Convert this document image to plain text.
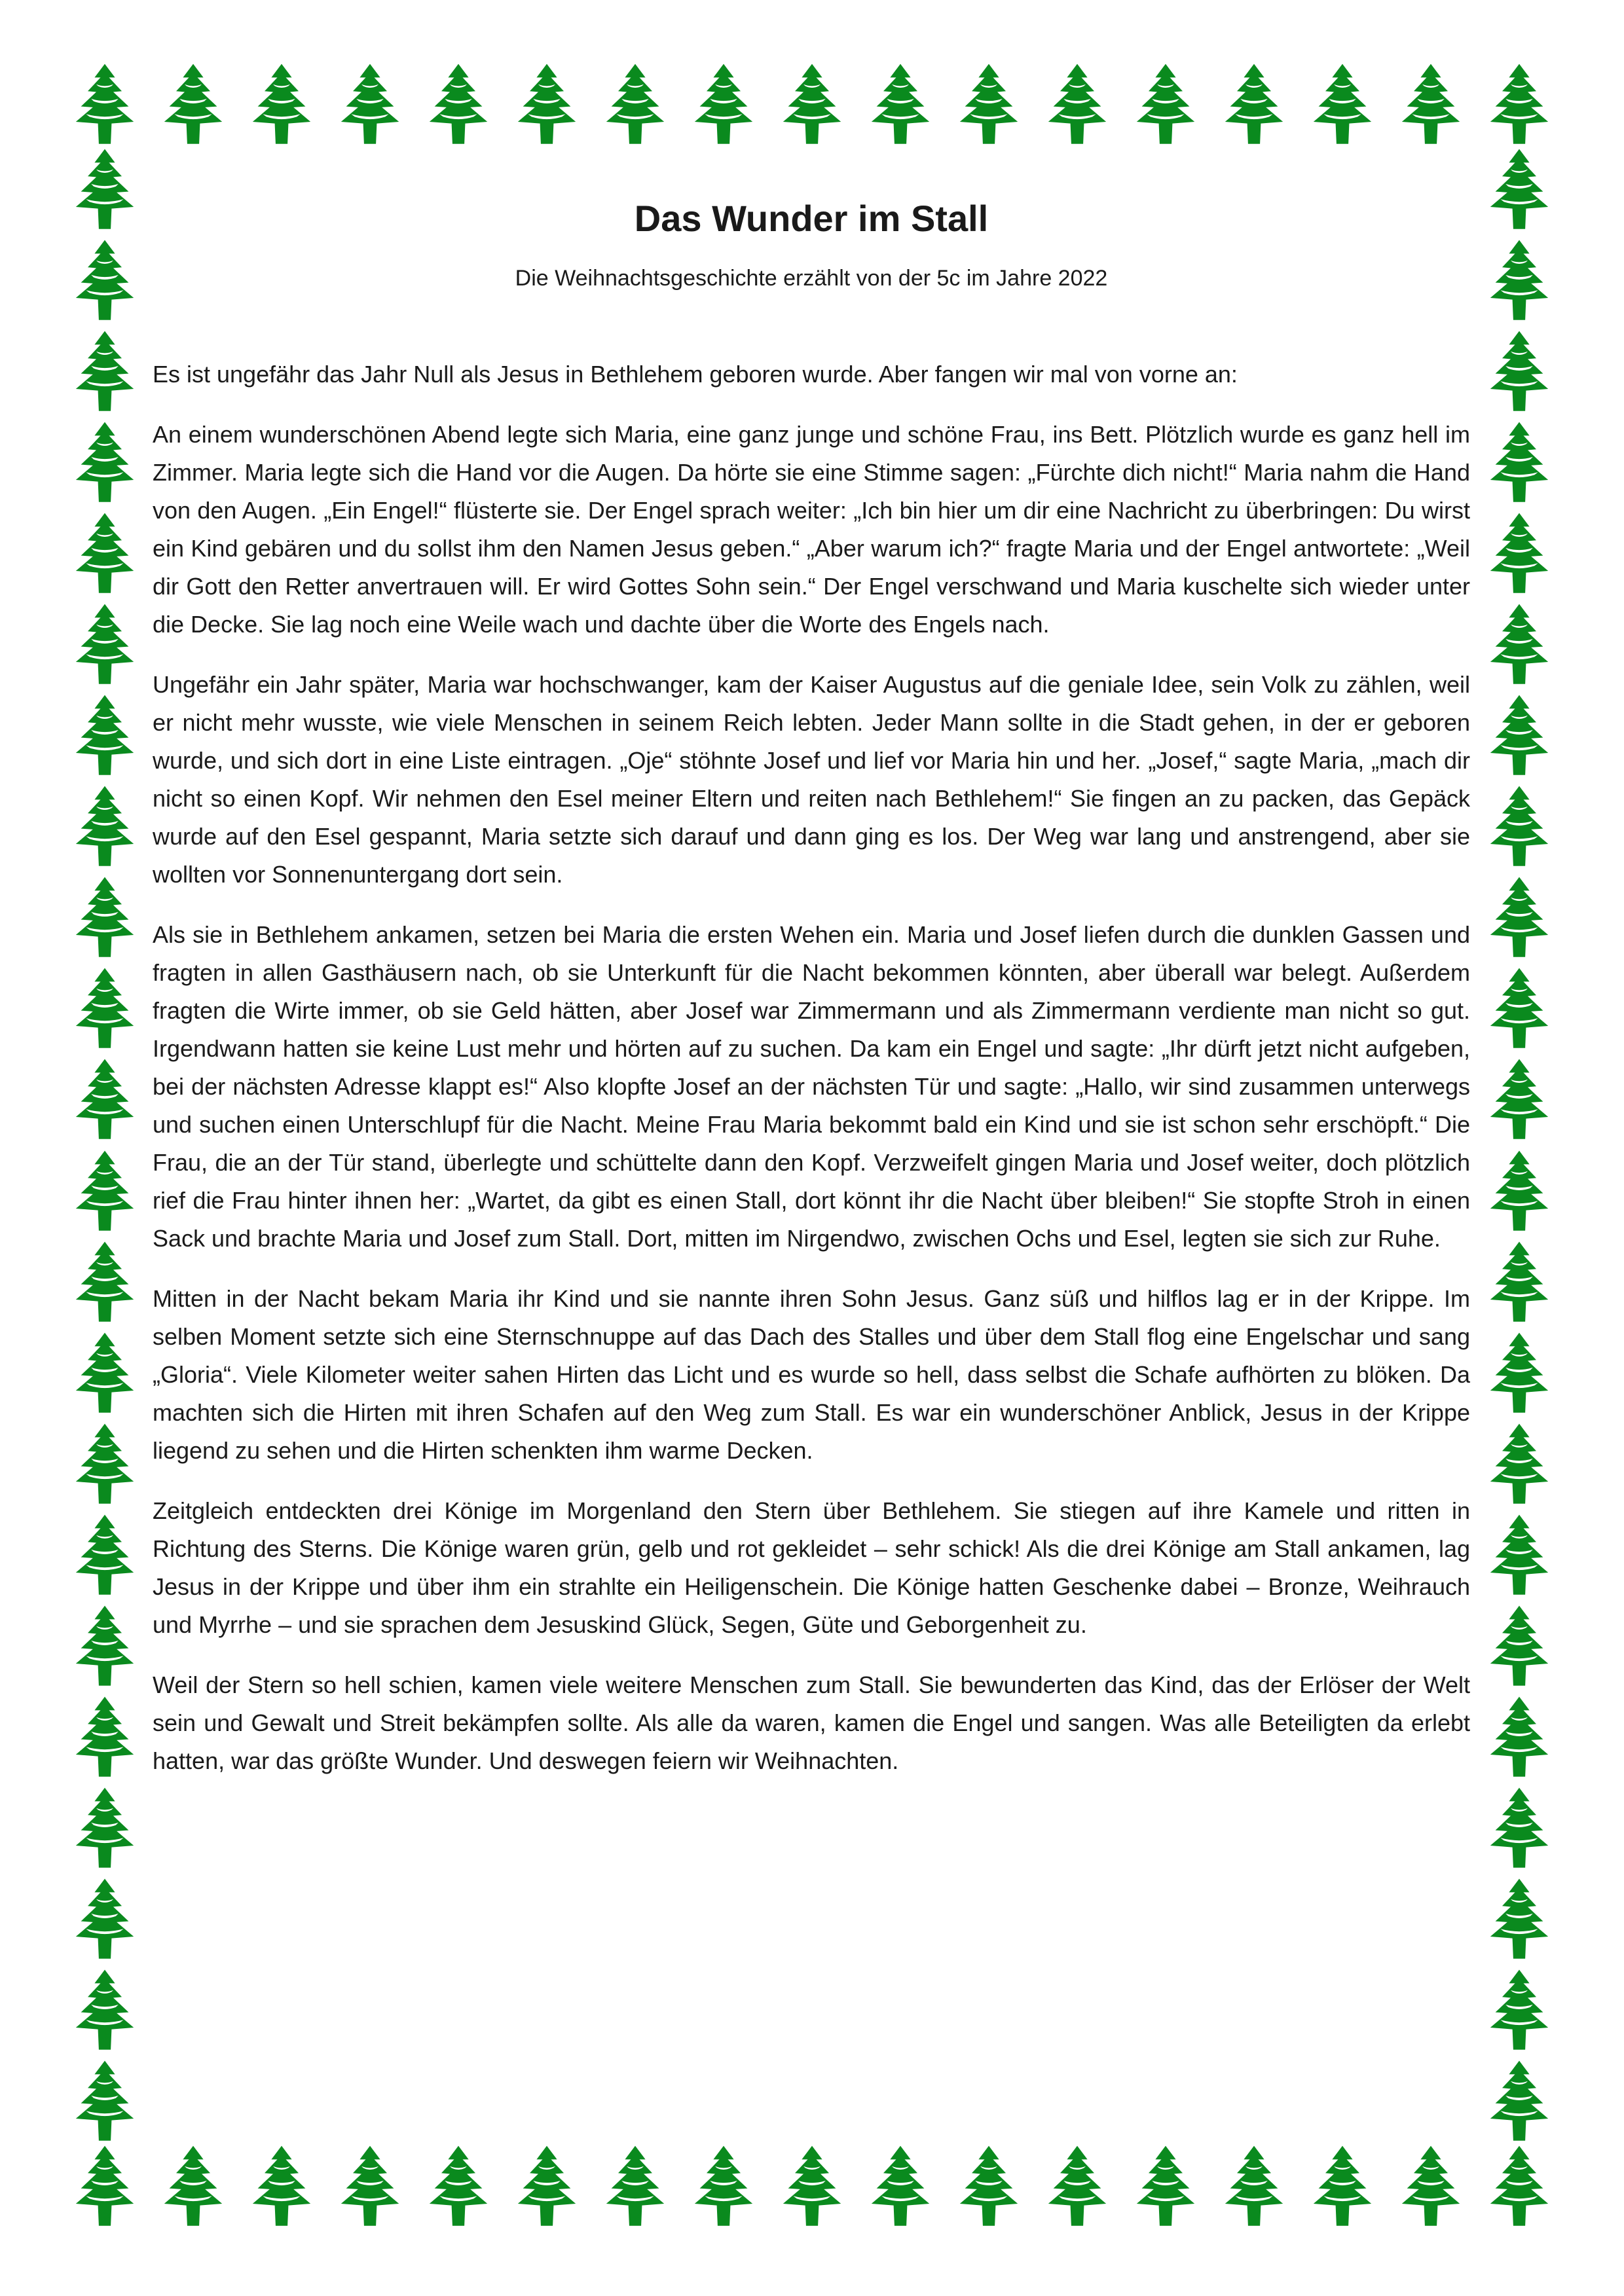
Das Wunder im Stall

Die Weihnachtsgeschichte erzählt von der 5c im Jahre 2022

Es ist ungefähr das Jahr Null als Jesus in Bethlehem geboren wurde. Aber fangen wir mal von vorne an:

An einem wunderschönen Abend legte sich Maria, eine ganz junge und schöne Frau, ins Bett. Plötzlich wurde es ganz hell im Zimmer. Maria legte sich die Hand vor die Augen. Da hörte sie eine Stimme sagen: „Fürchte dich nicht!“ Maria nahm die Hand von den Augen. „Ein Engel!“ flüsterte sie. Der Engel sprach weiter: „Ich bin hier um dir eine Nachricht zu überbringen: Du wirst ein Kind gebären und du sollst ihm den Namen Jesus geben.“ „Aber warum ich?“ fragte Maria und der Engel antwortete: „Weil dir Gott den Retter anvertrauen will. Er wird Gottes Sohn sein.“ Der Engel verschwand und Maria kuschelte sich wieder unter die Decke. Sie lag noch eine Weile wach und dachte über die Worte des Engels nach.

Ungefähr ein Jahr später, Maria war hochschwanger, kam der Kaiser Augustus auf die geniale Idee, sein Volk zu zählen, weil er nicht mehr wusste, wie viele Menschen in seinem Reich lebten. Jeder Mann sollte in die Stadt gehen, in der er geboren wurde, und sich dort in eine Liste eintragen. „Oje“ stöhnte Josef und lief vor Maria hin und her. „Josef,“ sagte Maria, „mach dir nicht so einen Kopf. Wir nehmen den Esel meiner Eltern und reiten nach Bethlehem!“ Sie fingen an zu packen, das Gepäck wurde auf den Esel gespannt, Maria setzte sich darauf und dann ging es los. Der Weg war lang und anstrengend, aber sie wollten vor Sonnenuntergang dort sein.

Als sie in Bethlehem ankamen, setzen bei Maria die ersten Wehen ein. Maria und Josef liefen durch die dunklen Gassen und fragten in allen Gasthäusern nach, ob sie Unterkunft für die Nacht bekommen könnten, aber überall war belegt. Außerdem fragten die Wirte immer, ob sie Geld hätten, aber Josef war Zimmermann und als Zimmermann verdiente man nicht so gut. Irgendwann hatten sie keine Lust mehr und hörten auf zu suchen. Da kam ein Engel und sagte: „Ihr dürft jetzt nicht aufgeben, bei der nächsten Adresse klappt es!“ Also klopfte Josef an der nächsten Tür und sagte: „Hallo, wir sind zusammen unterwegs und suchen einen Unterschlupf für die Nacht. Meine Frau Maria bekommt bald ein Kind und sie ist schon sehr erschöpft.“ Die Frau, die an der Tür stand, überlegte und schüttelte dann den Kopf. Verzweifelt gingen Maria und Josef weiter, doch plötzlich rief die Frau hinter ihnen her: „Wartet, da gibt es einen Stall, dort könnt ihr die Nacht über bleiben!“ Sie stopfte Stroh in einen Sack und brachte Maria und Josef zum Stall. Dort, mitten im Nirgendwo, zwischen Ochs und Esel, legten sie sich zur Ruhe.

Mitten in der Nacht bekam Maria ihr Kind und sie nannte ihren Sohn Jesus. Ganz süß und hilflos lag er in der Krippe. Im selben Moment setzte sich eine Sternschnuppe auf das Dach des Stalles und über dem Stall flog eine Engelschar und sang „Gloria“. Viele Kilometer weiter sahen Hirten das Licht und es wurde so hell, dass selbst die Schafe aufhörten zu blöken. Da machten sich die Hirten mit ihren Schafen auf den Weg zum Stall. Es war ein wunderschöner Anblick, Jesus in der Krippe liegend zu sehen und die Hirten schenkten ihm warme Decken.

Zeitgleich entdeckten drei Könige im Morgenland den Stern über Bethlehem. Sie stiegen auf ihre Kamele und ritten in Richtung des Sterns. Die Könige waren grün, gelb und rot gekleidet – sehr schick! Als die drei Könige am Stall ankamen, lag Jesus in der Krippe und über ihm ein strahlte ein Heiligenschein. Die Könige hatten Geschenke dabei – Bronze, Weihrauch und Myrrhe – und sie sprachen dem Jesuskind Glück, Segen, Güte und Geborgenheit zu.

Weil der Stern so hell schien, kamen viele weitere Menschen zum Stall. Sie bewunderten das Kind, das der Erlöser der Welt sein und Gewalt und Streit bekämpfen sollte. Als alle da waren, kamen die Engel und sangen. Was alle Beteiligten da erlebt hatten, war das größte Wunder. Und deswegen feiern wir Weihnachten.
